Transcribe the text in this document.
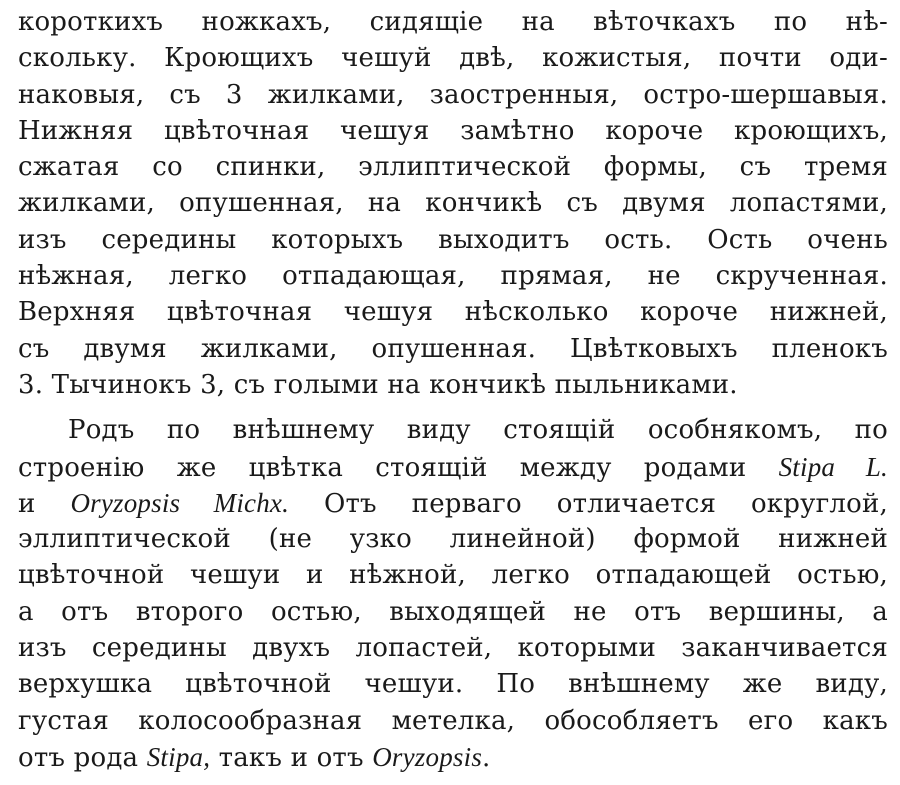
короткихъ ножкахъ, сидящіе на вѣточкахъ по нѣ-
скольку. Кроющихъ чешуй двѣ, кожистыя, почти оди-
наковыя, съ 3 жилками, заостренныя, остро-шершавыя.
Нижняя цвѣточная чешуя замѣтно короче кроющихъ,
сжатая со спинки, эллиптической формы, съ тремя
жилками, опушенная, на кончикѣ съ двумя лопастями,
изъ середины которыхъ выходитъ ость. Ость очень
нѣжная, легко отпадающая, прямая, не скрученная.
Верхняя цвѣточная чешуя нѣсколько короче нижней,
съ двумя жилками, опушенная. Цвѣтковыхъ пленокъ
3. Тычинокъ 3, съ голыми на кончикѣ пыльниками.
Родъ по внѣшнему виду стоящій особнякомъ, по
строенію же цвѣтка стоящій между родами Stipa L.
и Oryzopsis Michx. Отъ перваго отличается округлой,
эллиптической (не узко линейной) формой нижней
цвѣточной чешуи и нѣжной, легко отпадающей остью,
а отъ второго остью, выходящей не отъ вершины, а
изъ середины двухъ лопастей, которыми заканчивается
верхушка цвѣточной чешуи. По внѣшнему же виду,
густая колосообразная метелка, обособляетъ его какъ
отъ рода Stipa, такъ и отъ Oryzopsis.
